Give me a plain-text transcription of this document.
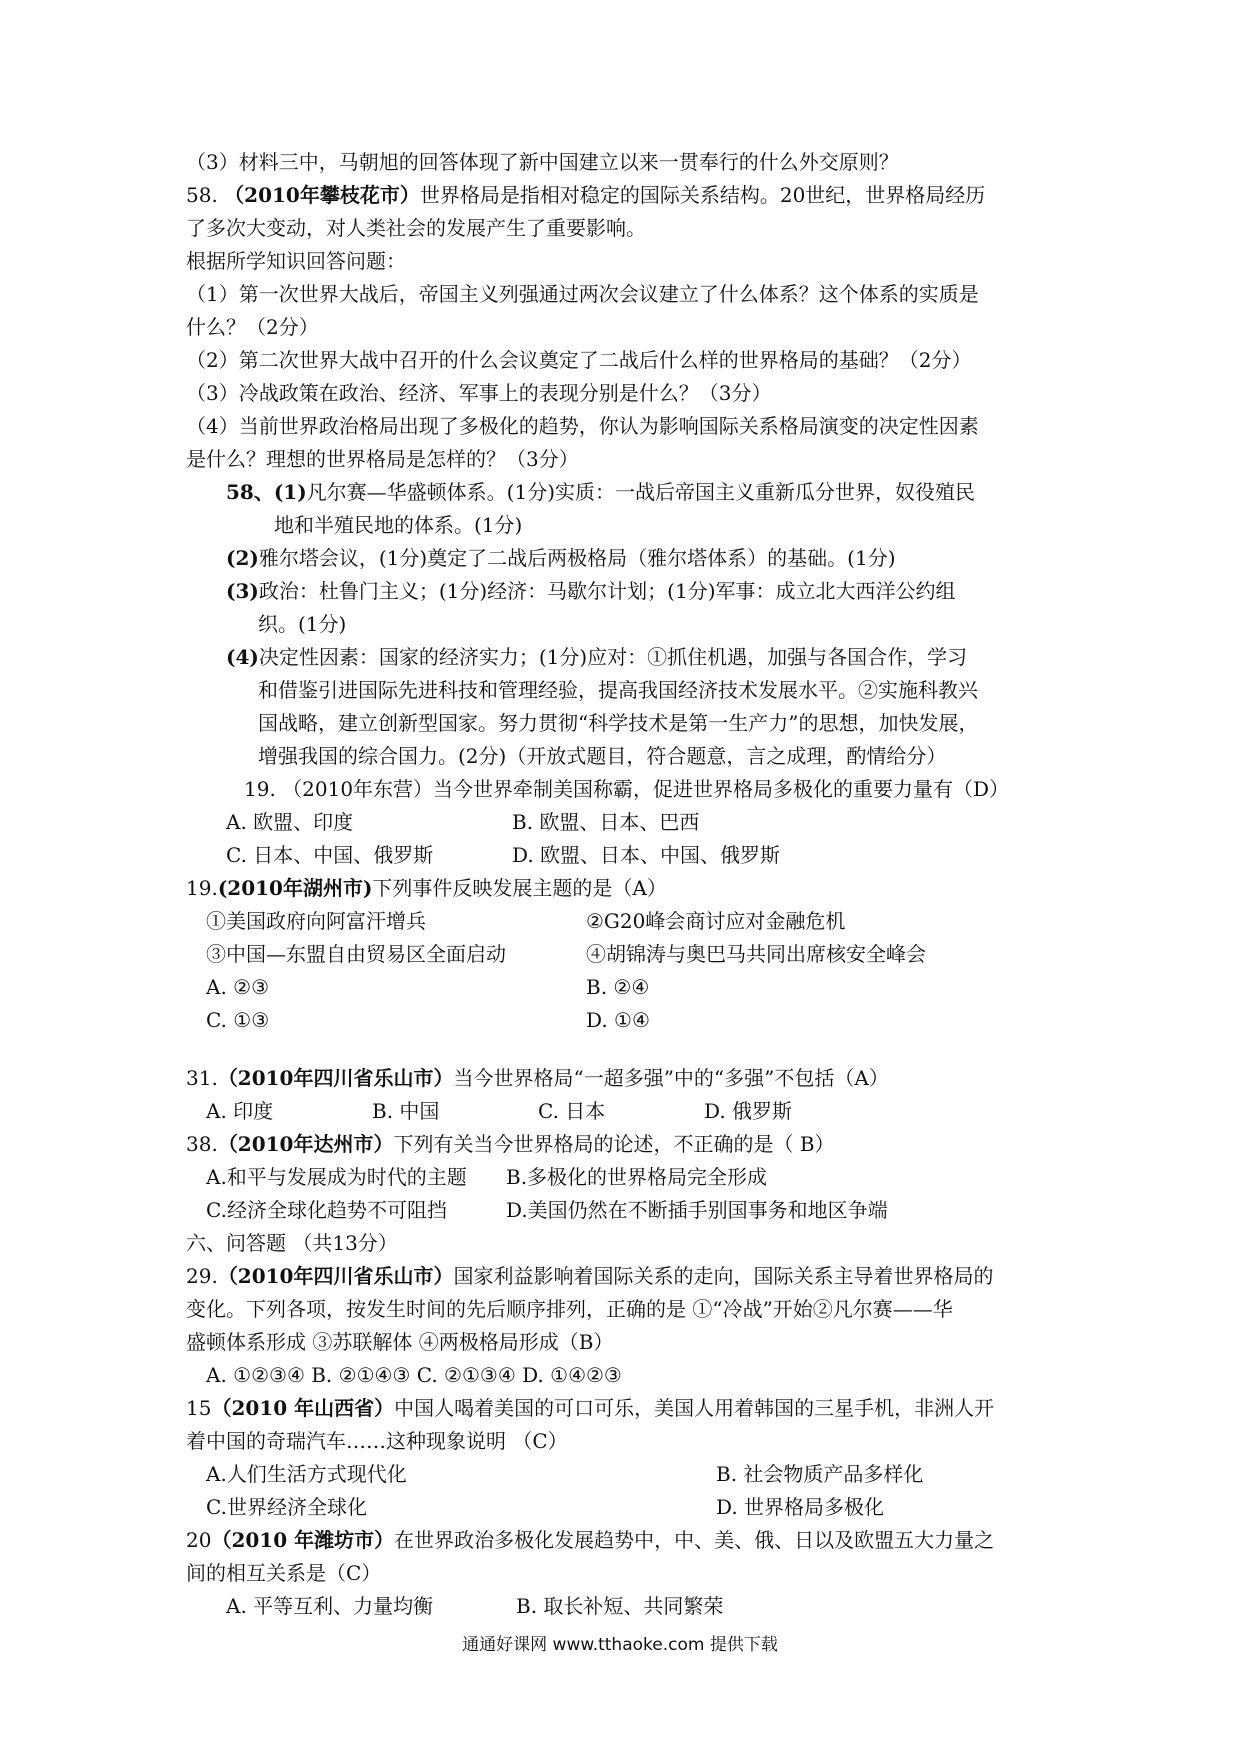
（3）材料三中，马朝旭的回答体现了新中国建立以来一贯奉行的什么外交原则？
58. （2010年攀枝花市）世界格局是指相对稳定的国际关系结构。20世纪，世界格局经历
了多次大变动，对人类社会的发展产生了重要影响。
根据所学知识回答问题：
（1）第一次世界大战后，帝国主义列强通过两次会议建立了什么体系？这个体系的实质是
什么？（2分）
（2）第二次世界大战中召开的什么会议奠定了二战后什么样的世界格局的基础？（2分）
（3）冷战政策在政治、经济、军事上的表现分别是什么？（3分）
（4）当前世界政治格局出现了多极化的趋势，你认为影响国际关系格局演变的决定性因素
是什么？理想的世界格局是怎样的？（3分）
58、(1)凡尔赛—华盛顿体系。(1分)实质：一战后帝国主义重新瓜分世界，奴役殖民
地和半殖民地的体系。(1分)
(2)雅尔塔会议，(1分)奠定了二战后两极格局（雅尔塔体系）的基础。(1分)
(3)政治：杜鲁门主义；(1分)经济：马歇尔计划；(1分)军事：成立北大西洋公约组
织。(1分)
(4)决定性因素：国家的经济实力；(1分)应对：①抓住机遇，加强与各国合作，学习
和借鉴引进国际先进科技和管理经验，提高我国经济技术发展水平。②实施科教兴
国战略，建立创新型国家。努力贯彻“科学技术是第一生产力”的思想，加快发展，
增强我国的综合国力。(2分)（开放式题目，符合题意，言之成理，酌情给分）
19. （2010年东营）当今世界牵制美国称霸，促进世界格局多极化的重要力量有（D）
A. 欧盟、印度	B. 欧盟、日本、巴西
C. 日本、中国、俄罗斯	D. 欧盟、日本、中国、俄罗斯
19.(2010年湖州市)下列事件反映发展主题的是（A）
①美国政府向阿富汗增兵	②G20峰会商讨应对金融危机
③中国—东盟自由贸易区全面启动	④胡锦涛与奥巴马共同出席核安全峰会
A. ②③	B. ②④
C. ①③	D. ①④
31.（2010年四川省乐山市）当今世界格局“一超多强”中的“多强”不包括（A）
A. 印度	B. 中国	C. 日本	D. 俄罗斯
38.（2010年达州市）下列有关当今世界格局的论述，不正确的是（ B）
A.和平与发展成为时代的主题 B.多极化的世界格局完全形成
C.经济全球化趋势不可阻挡	D.美国仍然在不断插手别国事务和地区争端
六、问答题 （共13分）
29.（2010年四川省乐山市）国家利益影响着国际关系的走向，国际关系主导着世界格局的
变化。下列各项，按发生时间的先后顺序排列，正确的是 ①“冷战”开始②凡尔赛——华
盛顿体系形成 ③苏联解体 ④两极格局形成（B）
A. ①②③④ B. ②①④③ C. ②①③④ D. ①④②③
15（2010 年山西省）中国人喝着美国的可口可乐，美国人用着韩国的三星手机，非洲人开
着中国的奇瑞汽车……这种现象说明 （C）
A.人们生活方式现代化	B. 社会物质产品多样化
C.世界经济全球化	D. 世界格局多极化
20（2010 年潍坊市）在世界政治多极化发展趋势中，中、美、俄、日以及欧盟五大力量之
间的相互关系是（C）
A. 平等互利、力量均衡	B. 取长补短、共同繁荣
通通好课网 www.tthaoke.com 提供下载
